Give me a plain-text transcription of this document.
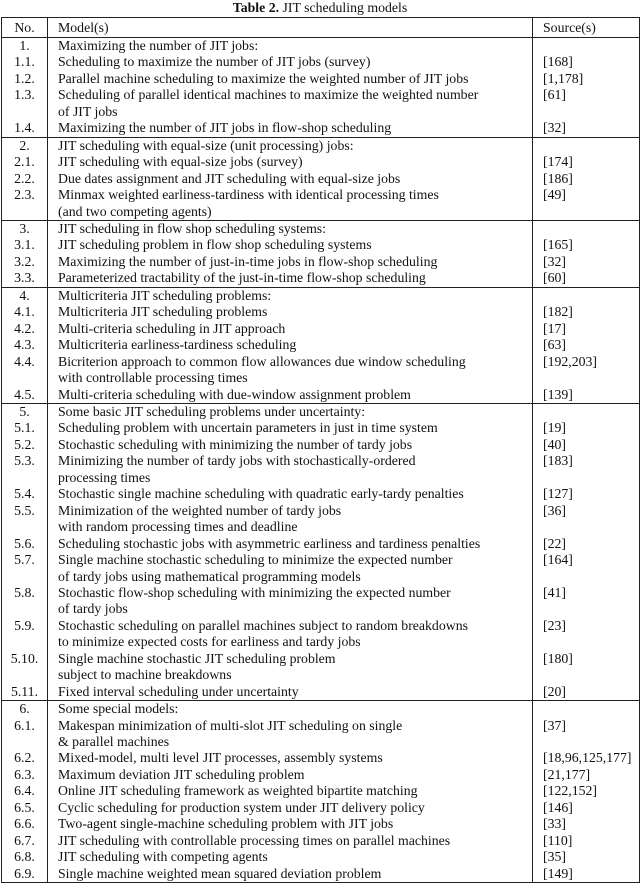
Table 2. JIT scheduling models
No.	Model(s)	Source(s)
1.	Maximizing the number of JIT jobs:	

1.1.	Scheduling to maximize the number of JIT jobs (survey)	[168]
1.2.	Parallel machine scheduling to maximize the weighted number of JIT jobs	[1,178]
1.3.	Scheduling of parallel identical machines to maximize the weighted number
of JIT jobs	[61]
1.4.	Maximizing the number of JIT jobs in flow-shop scheduling	[32]
2.	JIT scheduling with equal-size (unit processing) jobs:	

2.1.	JIT scheduling with equal-size jobs (survey)	[174]
2.2.	Due dates assignment and JIT scheduling with equal-size jobs	[186]
2.3.	Minmax weighted earliness-tardiness with identical processing times
(and two competing agents)	[49]
3.	JIT scheduling in flow shop scheduling systems:	

3.1.	JIT scheduling problem in flow shop scheduling systems	[165]
3.2.	Maximizing the number of just-in-time jobs in flow-shop scheduling	[32]
3.3.	Parameterized tractability of the just-in-time flow-shop scheduling	[60]
4.	Multicriteria JIT scheduling problems:	

4.1.	Multicriteria JIT scheduling problems	[182]
4.2.	Multi-criteria scheduling in JIT approach	[17]
4.3.	Multicriteria earliness-tardiness scheduling	[63]
4.4.	Bicriterion approach to common flow allowances due window scheduling
with controllable processing times	[192,203]
4.5.	Multi-criteria scheduling with due-window assignment problem	[139]
5.	Some basic JIT scheduling problems under uncertainty:	

5.1.	Scheduling problem with uncertain parameters in just in time system	[19]
5.2.	Stochastic scheduling with minimizing the number of tardy jobs	[40]
5.3.	Minimizing the number of tardy jobs with stochastically-ordered
processing times	[183]
5.4.	Stochastic single machine scheduling with quadratic early-tardy penalties	[127]
5.5.	Minimization of the weighted number of tardy jobs
with random processing times and deadline	[36]
5.6.	Scheduling stochastic jobs with asymmetric earliness and tardiness penalties	[22]
5.7.	Single machine stochastic scheduling to minimize the expected number
of tardy jobs using mathematical programming models	[164]
5.8.	Stochastic flow-shop scheduling with minimizing the expected number
of tardy jobs	[41]
5.9.	Stochastic scheduling on parallel machines subject to random breakdowns
to minimize expected costs for earliness and tardy jobs	[23]
5.10.	Single machine stochastic JIT scheduling problem
subject to machine breakdowns	[180]
5.11.	Fixed interval scheduling under uncertainty	[20]
6.	Some special models:	

6.1.	Makespan minimization of multi-slot JIT scheduling on single
& parallel machines	[37]
6.2.	Mixed-model, multi level JIT processes, assembly systems	[18,96,125,177]
6.3.	Maximum deviation JIT scheduling problem	[21,177]
6.4.	Online JIT scheduling framework as weighted bipartite matching	[122,152]
6.5.	Cyclic scheduling for production system under JIT delivery policy	[146]
6.6.	Two-agent single-machine scheduling problem with JIT jobs	[33]
6.7.	JIT scheduling with controllable processing times on parallel machines	[110]
6.8.	JIT scheduling with competing agents	[35]
6.9.	Single machine weighted mean squared deviation problem	[149]
